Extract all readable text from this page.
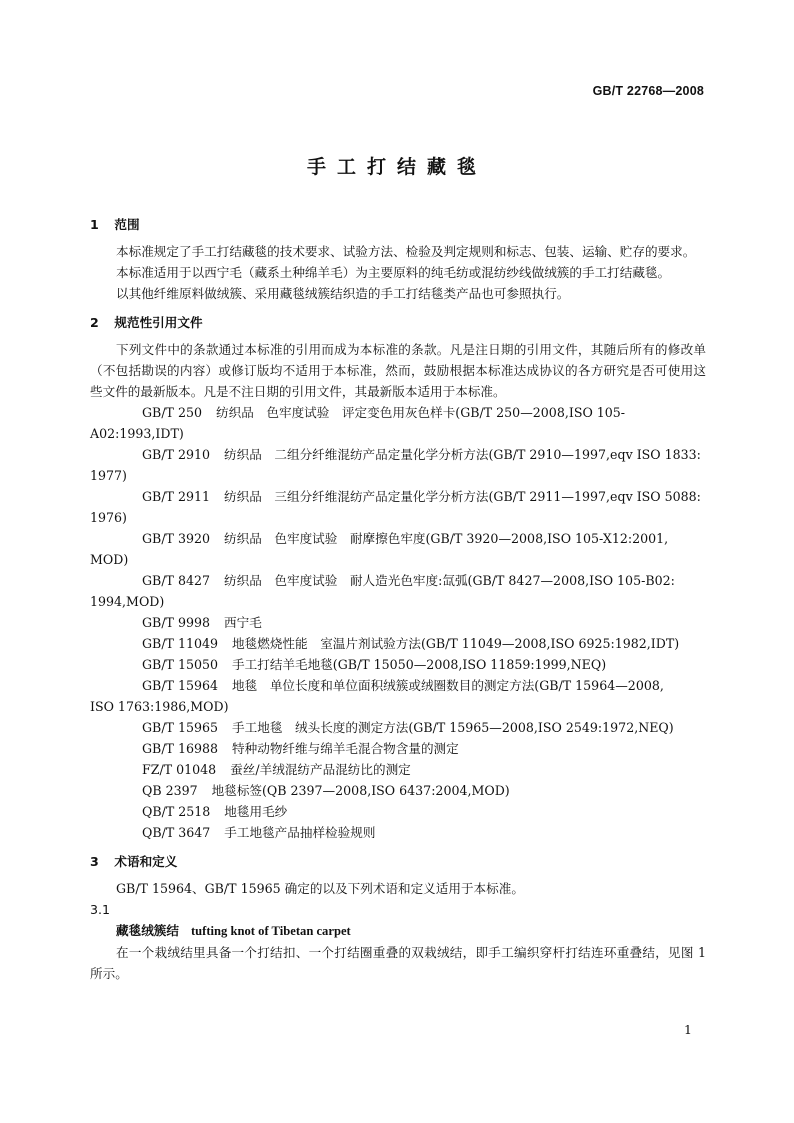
GB/T 22768—2008
手工打结藏毯
1 范围

本标准规定了手工打结藏毯的技术要求、试验方法、检验及判定规则和标志、包装、运输、贮存的要求。

本标准适用于以西宁毛（藏系土种绵羊毛）为主要原料的纯毛纺或混纺纱线做绒簇的手工打结藏毯。

以其他纤维原料做绒簇、采用藏毯绒簇结织造的手工打结毯类产品也可参照执行。

2 规范性引用文件

下列文件中的条款通过本标准的引用而成为本标准的条款。凡是注日期的引用文件，其随后所有的修改单（不包括勘误的内容）或修订版均不适用于本标准，然而，鼓励根据本标准达成协议的各方研究是否可使用这些文件的最新版本。凡是不注日期的引用文件，其最新版本适用于本标准。

GB/T 250 纺织品　色牢度试验　评定变色用灰色样卡(GB/T 250—2008,ISO 105-A02:1993,IDT)

GB/T 2910 纺织品　二组分纤维混纺产品定量化学分析方法(GB/T 2910—1997,eqv ISO 1833:

1977)

GB/T 2911 纺织品　三组分纤维混纺产品定量化学分析方法(GB/T 2911—1997,eqv ISO 5088:

1976)

GB/T 3920 纺织品　色牢度试验　耐摩擦色牢度(GB/T 3920—2008,ISO 105-X12:2001,

MOD)

GB/T 8427 纺织品　色牢度试验　耐人造光色牢度:氙弧(GB/T 8427—2008,ISO 105-B02:

1994,MOD)

GB/T 9998 西宁毛

GB/T 11049 地毯燃烧性能　室温片剂试验方法(GB/T 11049—2008,ISO 6925:1982,IDT)

GB/T 15050 手工打结羊毛地毯(GB/T 15050—2008,ISO 11859:1999,NEQ)

GB/T 15964 地毯　单位长度和单位面积绒簇或绒圈数目的测定方法(GB/T 15964—2008,

ISO 1763:1986,MOD)

GB/T 15965 手工地毯　绒头长度的测定方法(GB/T 15965—2008,ISO 2549:1972,NEQ)

GB/T 16988 特种动物纤维与绵羊毛混合物含量的测定

FZ/T 01048 蚕丝/羊绒混纺产品混纺比的测定

QB 2397 地毯标签(QB 2397—2008,ISO 6437:2004,MOD)

QB/T 2518 地毯用毛纱

QB/T 3647 手工地毯产品抽样检验规则

3 术语和定义

GB/T 15964、GB/T 15965 确定的以及下列术语和定义适用于本标准。

3.1

藏毯绒簇结 tufting knot of Tibetan carpet

在一个栽绒结里具备一个打结扣、一个打结圈重叠的双栽绒结，即手工编织穿杆打结连环重叠结，见图 1 所示。

1
